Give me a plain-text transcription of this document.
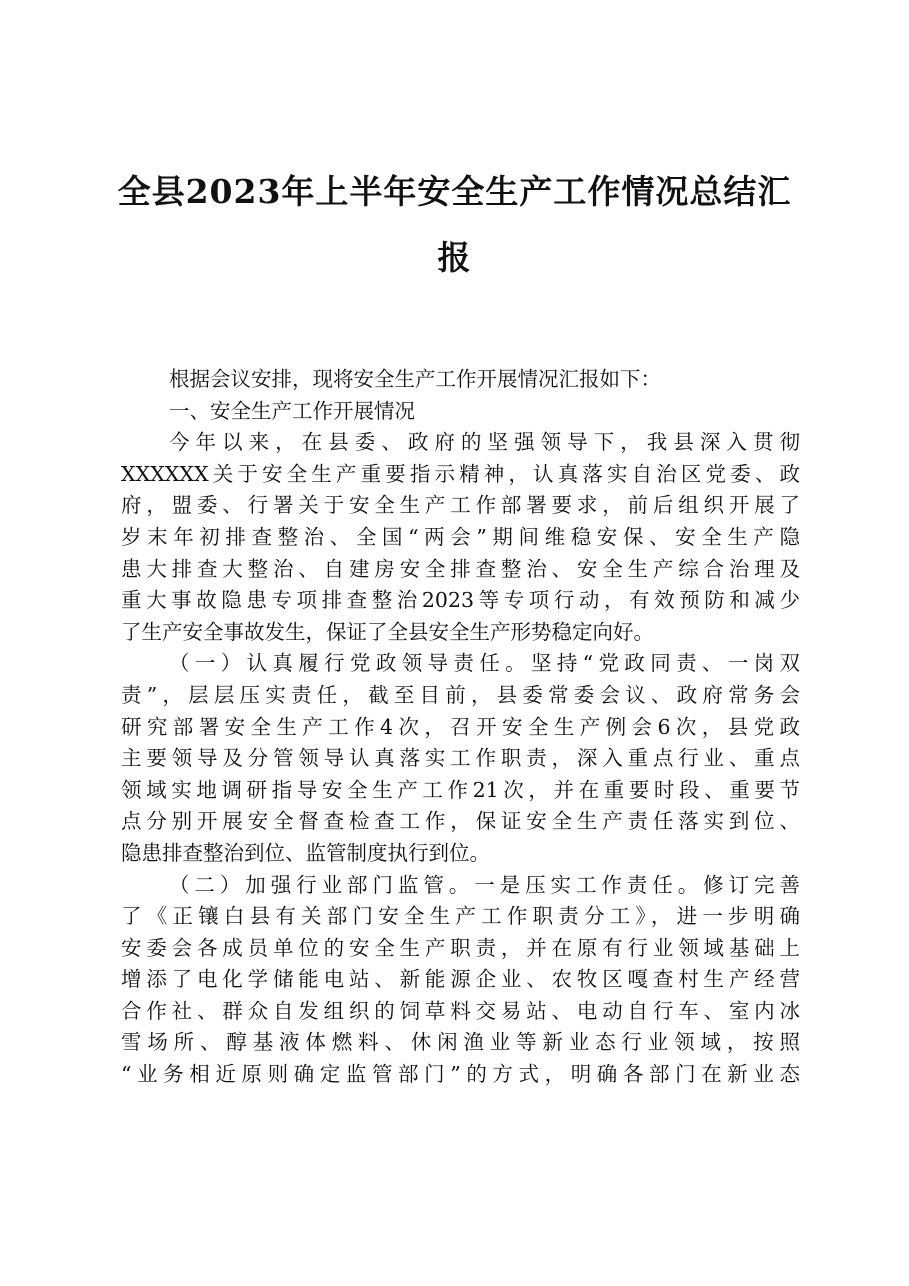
全县2023年上半年安全生产工作情况总结汇
报
根据会议安排，现将安全生产工作开展情况汇报如下：
一、安全生产工作开展情况
今年以来，在县委、政府的坚强领导下，我县深入贯彻
XXXXXX关于安全生产重要指示精神，认真落实自治区党委、政
府，盟委、行署关于安全生产工作部署要求，前后组织开展了
岁末年初排查整治、全国“两会”期间维稳安保、安全生产隐
患大排查大整治、自建房安全排查整治、安全生产综合治理及
重大事故隐患专项排查整治2023等专项行动，有效预防和减少
了生产安全事故发生，保证了全县安全生产形势稳定向好。
（一）认真履行党政领导责任。坚持“党政同责、一岗双
责”，层层压实责任，截至目前，县委常委会议、政府常务会
研究部署安全生产工作4次，召开安全生产例会6次，县党政
主要领导及分管领导认真落实工作职责，深入重点行业、重点
领域实地调研指导安全生产工作21次，并在重要时段、重要节
点分别开展安全督查检查工作，保证安全生产责任落实到位、
隐患排查整治到位、监管制度执行到位。
（二）加强行业部门监管。一是压实工作责任。修订完善
了《正镶白县有关部门安全生产工作职责分工》，进一步明确
安委会各成员单位的安全生产职责，并在原有行业领域基础上
增添了电化学储能电站、新能源企业、农牧区嘎查村生产经营
合作社、群众自发组织的饲草料交易站、电动自行车、室内冰
雪场所、醇基液体燃料、休闲渔业等新业态行业领域，按照
“业务相近原则确定监管部门”的方式，明确各部门在新业态
